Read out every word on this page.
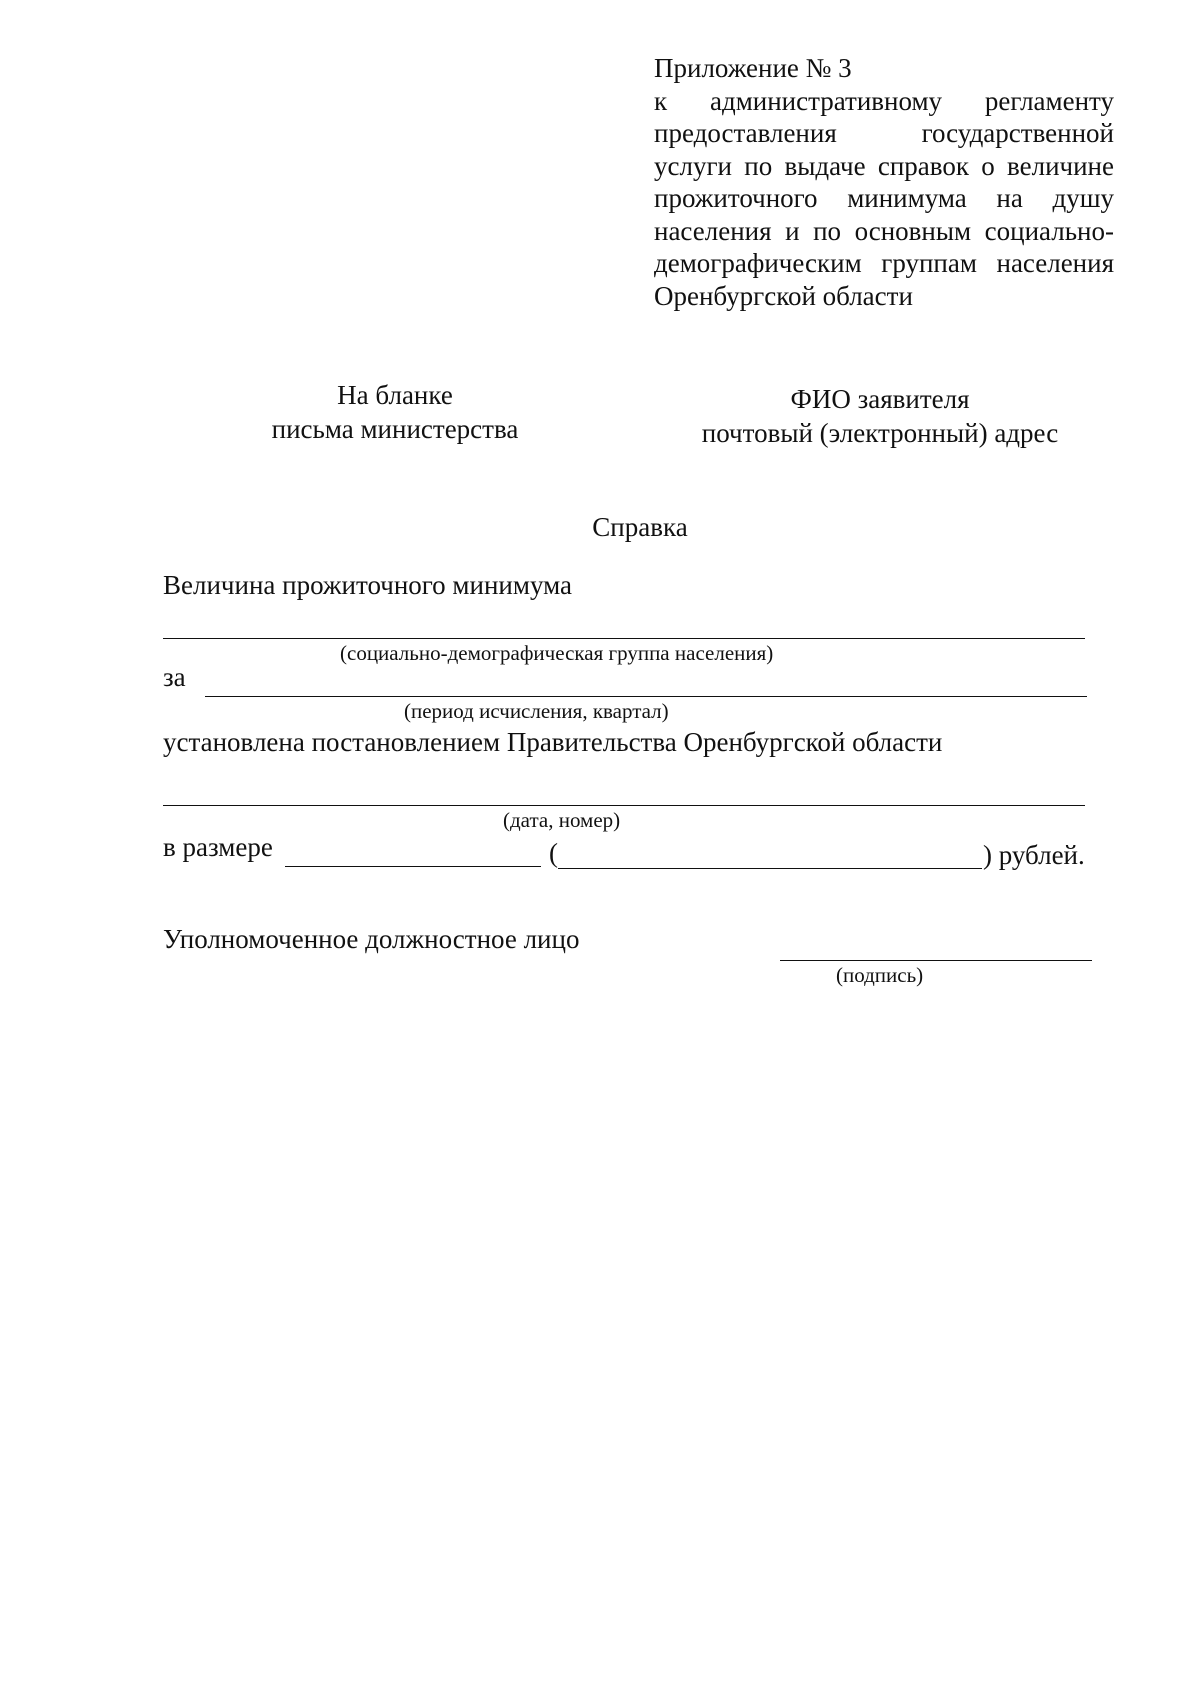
Приложение № 3
к административному регламенту
предоставления государственной
услуги по выдаче справок о величине
прожиточного минимума на душу
населения и по основным социально-
демографическим группам населения
Оренбургской области
На бланке
письма министерства
ФИО заявителя
почтовый (электронный) адрес
Справка
Величина прожиточного минимума
(социально-демографическая группа населения)
за
(период исчисления, квартал)
установлена постановлением Правительства Оренбургской области
(дата, номер)
в размере	(	) рублей.
Уполномоченное должностное лицо
(подпись)
